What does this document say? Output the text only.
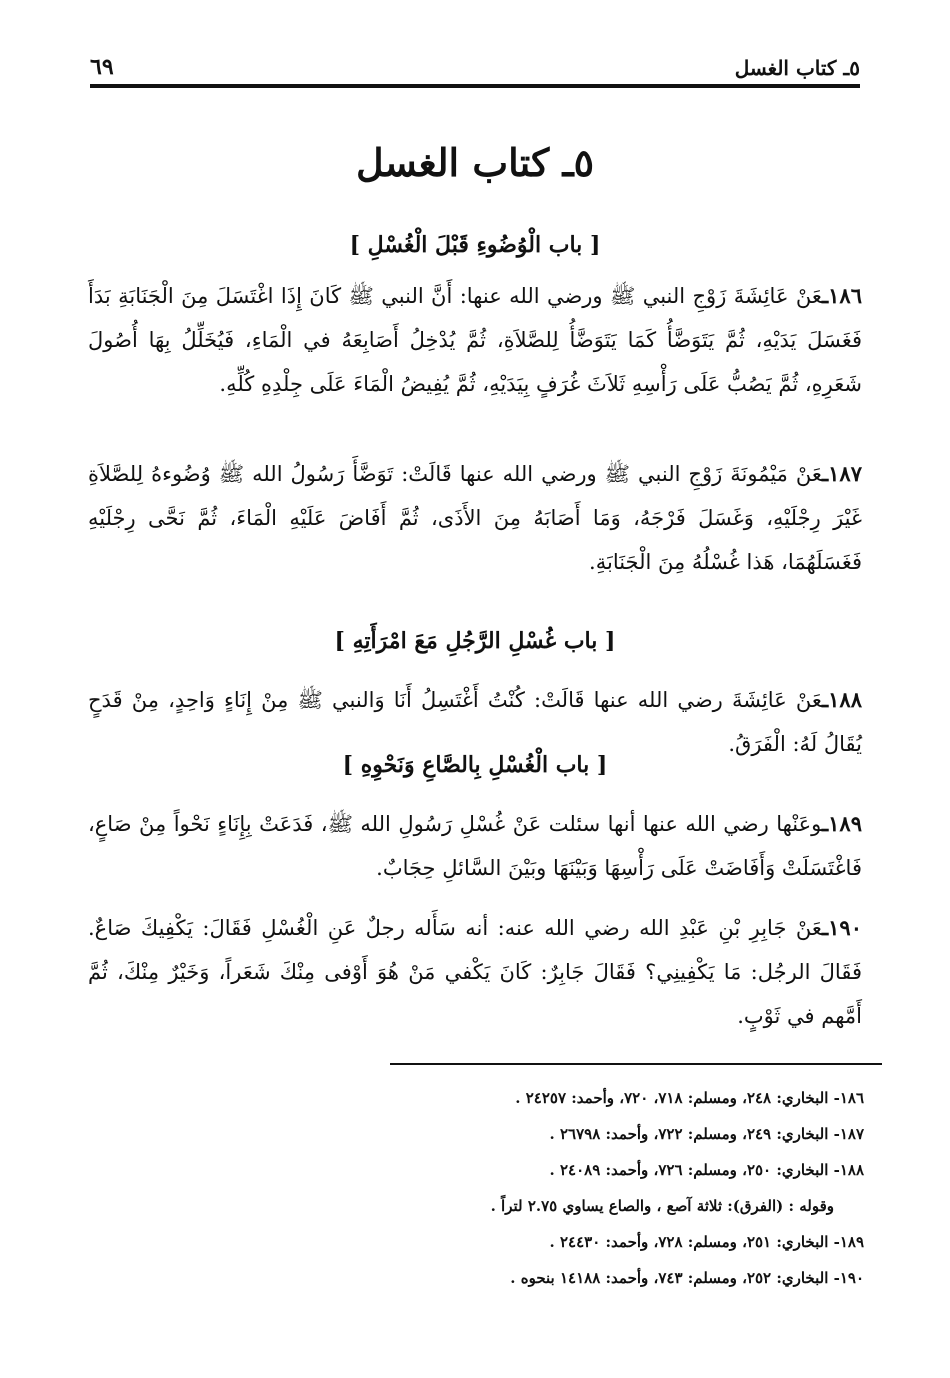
٥ـ كتاب الغسل
٦٩
٥ـ كتاب الغسل
[ باب الْوُضُوءِ قَبْلَ الْغُسْلِ ]

١٨٦ـعَنْ عَائِشَةَ زَوْجِ النبي ﷺ ورضي الله عنها: أَنَّ النبي ﷺ كَانَ إِذَا اغْتَسَلَ مِنَ الْجَنَابَةِ بَدَأَ فَغَسَلَ يَدَيْهِ، ثُمَّ يَتَوَضَّأُ كَمَا يَتَوَضَّأُ لِلصَّلاَةِ، ثُمَّ يُدْخِلُ أَصَابِعَهُ في الْمَاءِ، فَيُخَلِّلُ بِهَا أُصُولَ شَعَرِهِ، ثُمَّ يَصُبُّ عَلَى رَأْسِهِ ثَلاَثَ غُرَفٍ بِيَدَيْهِ، ثُمَّ يُفِيضُ الْمَاءَ عَلَى جِلْدِهِ كُلِّهِ.

١٨٧ـعَنْ مَيْمُونَةَ زَوْجِ النبي ﷺ ورضي الله عنها قَالَتْ: تَوَضَّأَ رَسُولُ الله ﷺ وُضُوءهُ لِلصَّلاَةِ غَيْرَ رِجْلَيْهِ، وَغَسَلَ فَرْجَهُ، وَمَا أَصَابَهُ مِنَ الأَذَى، ثُمَّ أَفَاضَ عَلَيْهِ الْمَاءَ، ثُمَّ نَحَّى رِجْلَيْهِ فَغَسَلَهُمَا، هَذا غُسْلُهُ مِنَ الْجَنَابَةِ.

[ باب غُسْلِ الرَّجُلِ مَعَ امْرَأَتِهِ ]

١٨٨ـعَنْ عَائِشَةَ رضي الله عنها قَالَتْ: كُنْتُ أَغْتَسِلُ أَنَا وَالنبي ﷺ مِنْ إِنَاءٍ وَاحِدٍ، مِنْ قَدَحٍ يُقَالُ لَهُ: الْفَرَقُ.

[ باب الْغُسْلِ بِالصَّاعِ وَنَحْوِهِ ]

١٨٩ـوعَنْها رضي الله عنها أنها سئلت عَنْ غُسْلِ رَسُولِ الله ﷺ، فَدَعَتْ بِإِنَاءٍ نَحْواً مِنْ صَاعٍ، فَاغْتَسَلَتْ وَأَفَاضَتْ عَلَى رَأْسِهَا وَبَيْنَهَا وبَيْنَ السَّائلِ حِجَابٌ.

١٩٠ـعَنْ جَابِرِ بْنِ عَبْدِ الله رضي الله عنه: أنه سَأَله رجلٌ عَنِ الْغُسْلِ فَقَالَ: يَكْفِيكَ صَاعٌ. فَقَالَ الرجُل: مَا يَكْفِينِي؟ فَقَالَ جَابِرٌ: كَانَ يَكْفي مَنْ هُوَ أَوْفى مِنْكَ شَعَراً، وَخَيْرٌ مِنْكَ، ثُمَّ أَمَّهم في ثَوْبٍ.

١٨٦- البخاري: ٢٤٨، ومسلم: ٧١٨، ٧٢٠، وأحمد: ٢٤٢٥٧ .
١٨٧- البخاري: ٢٤٩، ومسلم: ٧٢٢، وأحمد: ٢٦٧٩٨ .
١٨٨- البخاري: ٢٥٠، ومسلم: ٧٢٦، وأحمد: ٢٤٠٨٩ .
وقوله : (الفرق): ثلاثة آصع ، والصاع يساوي ٢.٧٥ لتراً .
١٨٩- البخاري: ٢٥١، ومسلم: ٧٢٨، وأحمد: ٢٤٤٣٠ .
١٩٠- البخاري: ٢٥٢، ومسلم: ٧٤٣، وأحمد: ١٤١٨٨ بنحوه .
